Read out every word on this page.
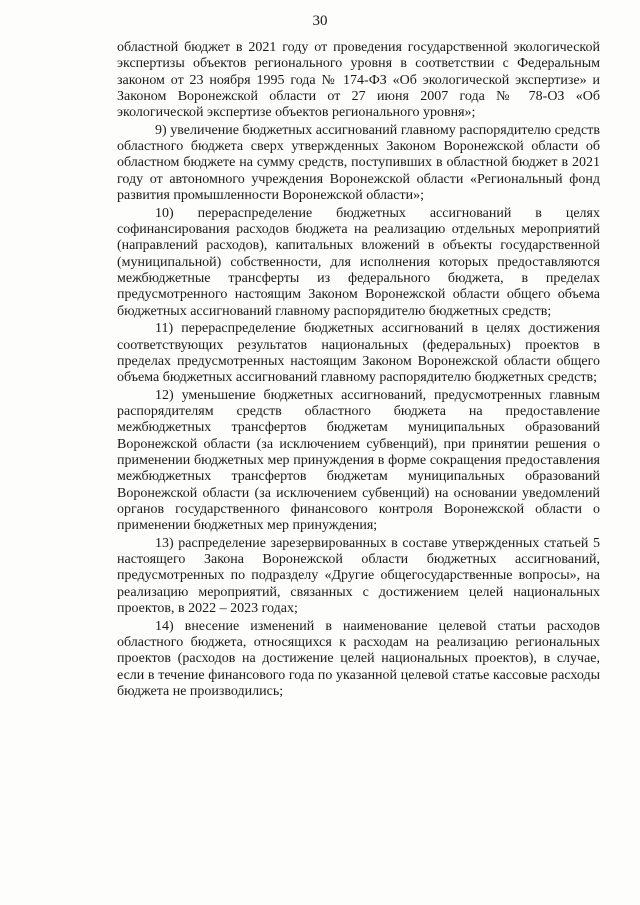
30

областной бюджет в 2021 году от проведения государственной экологической экспертизы объектов регионального уровня в соответствии с Федеральным законом от 23 ноября 1995 года № 174-ФЗ «Об экологической экспертизе» и Законом Воронежской области от 27 июня 2007 года № 78-ОЗ «Об экологической экспертизе объектов регионального уровня»;

9) увеличение бюджетных ассигнований главному распорядителю средств областного бюджета сверх утвержденных Законом Воронежской области об областном бюджете на сумму средств, поступивших в областной бюджет в 2021 году от автономного учреждения Воронежской области «Региональный фонд развития промышленности Воронежской области»;

10) перераспределение бюджетных ассигнований в целях софинансирования расходов бюджета на реализацию отдельных мероприятий (направлений расходов), капитальных вложений в объекты государственной (муниципальной) собственности, для исполнения которых предоставляются межбюджетные трансферты из федерального бюджета, в пределах предусмотренного настоящим Законом Воронежской области общего объема бюджетных ассигнований главному распорядителю бюджетных средств;

11) перераспределение бюджетных ассигнований в целях достижения соответствующих результатов национальных (федеральных) проектов в пределах предусмотренных настоящим Законом Воронежской области общего объема бюджетных ассигнований главному распорядителю бюджетных средств;

12) уменьшение бюджетных ассигнований, предусмотренных главным распорядителям средств областного бюджета на предоставление межбюджетных трансфертов бюджетам муниципальных образований Воронежской области (за исключением субвенций), при принятии решения о применении бюджетных мер принуждения в форме сокращения предоставления межбюджетных трансфертов бюджетам муниципальных образований Воронежской области (за исключением субвенций) на основании уведомлений органов государственного финансового контроля Воронежской области о применении бюджетных мер принуждения;

13) распределение зарезервированных в составе утвержденных статьей 5 настоящего Закона Воронежской области бюджетных ассигнований, предусмотренных по подразделу «Другие общегосударственные вопросы», на реализацию мероприятий, связанных с достижением целей национальных проектов, в 2022 – 2023 годах;

14) внесение изменений в наименование целевой статьи расходов областного бюджета, относящихся к расходам на реализацию региональных проектов (расходов на достижение целей национальных проектов), в случае, если в течение финансового года по указанной целевой статье кассовые расходы бюджета не производились;
